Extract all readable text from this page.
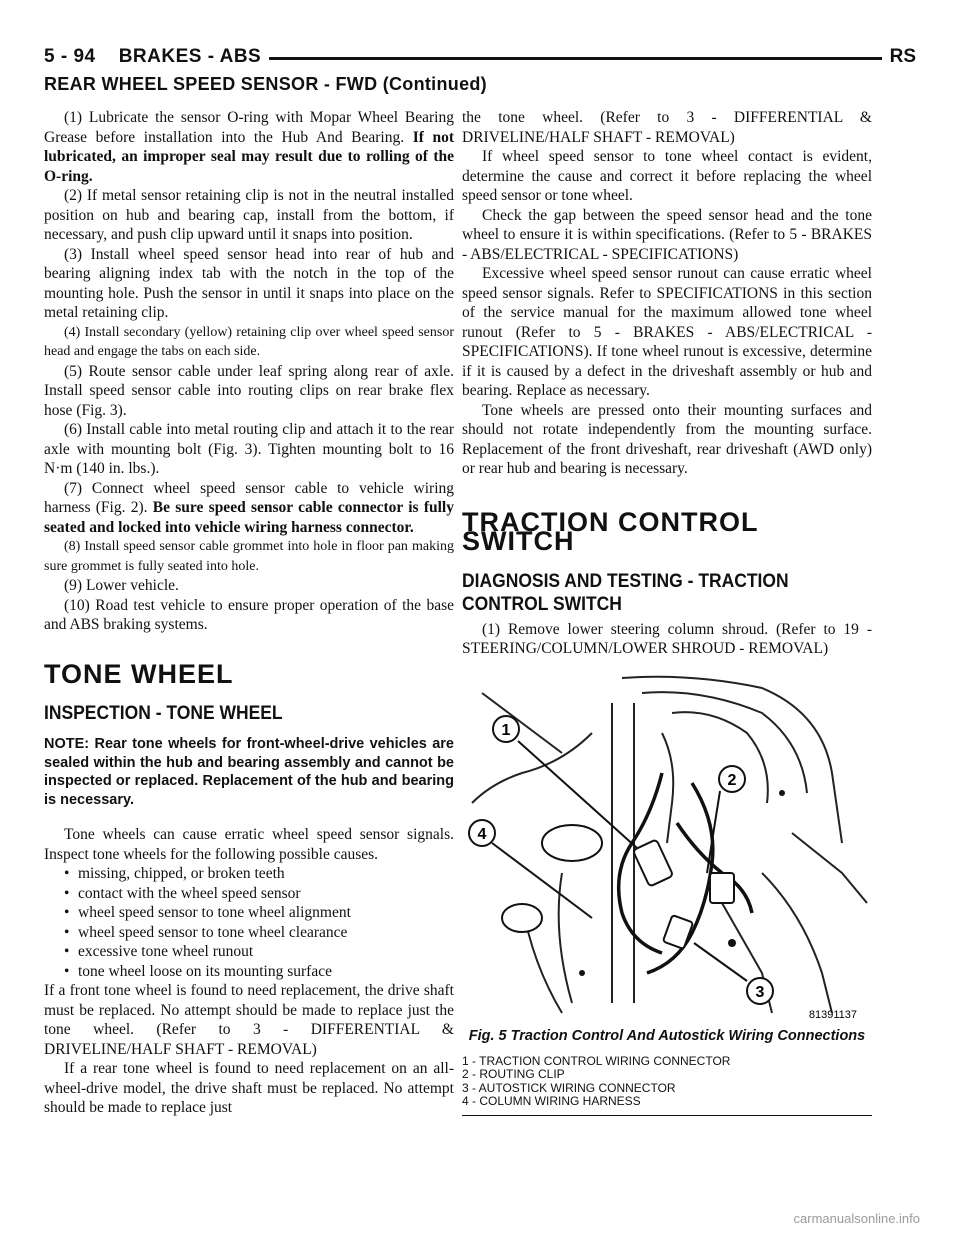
5 - 94    BRAKES - ABS	RS
REAR WHEEL SPEED SENSOR - FWD (Continued)

(1) Lubricate the sensor O-ring with Mopar Wheel Bearing Grease before installation into the Hub And Bearing. If not lubricated, an improper seal may result due to rolling of the O-ring.

(2) If metal sensor retaining clip is not in the neutral installed position on hub and bearing cap, install from the bottom, if necessary, and push clip upward until it snaps into position.

(3) Install wheel speed sensor head into rear of hub and bearing aligning index tab with the notch in the top of the mounting hole. Push the sensor in until it snaps into place on the metal retaining clip.

(4) Install secondary (yellow) retaining clip over wheel speed sensor head and engage the tabs on each side.

(5) Route sensor cable under leaf spring along rear of axle. Install speed sensor cable into routing clips on rear brake flex hose (Fig. 3).

(6) Install cable into metal routing clip and attach it to the rear axle with mounting bolt (Fig. 3). Tighten mounting bolt to 16 N·m (140 in. lbs.).

(7) Connect wheel speed sensor cable to vehicle wiring harness (Fig. 2). Be sure speed sensor cable connector is fully seated and locked into vehicle wiring harness connector.

(8) Install speed sensor cable grommet into hole in floor pan making sure grommet is fully seated into hole.

(9) Lower vehicle.

(10) Road test vehicle to ensure proper operation of the base and ABS braking systems.

TONE WHEEL
INSPECTION - TONE WHEEL
NOTE: Rear tone wheels for front-wheel-drive vehicles are sealed within the hub and bearing assembly and cannot be inspected or replaced. Replacement of the hub and bearing is necessary.

Tone wheels can cause erratic wheel speed sensor signals. Inspect tone wheels for the following possible causes.

• missing, chipped, or broken teeth
• contact with the wheel speed sensor
• wheel speed sensor to tone wheel alignment
• wheel speed sensor to tone wheel clearance
• excessive tone wheel runout
• tone wheel loose on its mounting surface

If a front tone wheel is found to need replacement, the drive shaft must be replaced. No attempt should be made to replace just the tone wheel. (Refer to 3 - DIFFERENTIAL & DRIVELINE/HALF SHAFT - REMOVAL)

If a rear tone wheel is found to need replacement on an all-wheel-drive model, the drive shaft must be replaced. No attempt should be made to replace just

the tone wheel. (Refer to 3 - DIFFERENTIAL & DRIVELINE/HALF SHAFT - REMOVAL)

If wheel speed sensor to tone wheel contact is evident, determine the cause and correct it before replacing the wheel speed sensor or tone wheel.

Check the gap between the speed sensor head and the tone wheel to ensure it is within specifications. (Refer to 5 - BRAKES - ABS/ELECTRICAL - SPECIFICATIONS)

Excessive wheel speed sensor runout can cause erratic wheel speed sensor signals. Refer to SPECIFICATIONS in this section of the service manual for the maximum allowed tone wheel runout (Refer to 5 - BRAKES - ABS/ELECTRICAL - SPECIFICATIONS). If tone wheel runout is excessive, determine if it is caused by a defect in the driveshaft assembly or hub and bearing. Replace as necessary.

Tone wheels are pressed onto their mounting surfaces and should not rotate independently from the mounting surface. Replacement of the front driveshaft, rear driveshaft (AWD only) or rear hub and bearing is necessary.

TRACTION CONTROL SWITCH
DIAGNOSIS AND TESTING - TRACTION CONTROL SWITCH

(1) Remove lower steering column shroud. (Refer to 19 - STEERING/COLUMN/LOWER SHROUD - REMOVAL)

1
2
3
4
81391137
Fig. 5 Traction Control And Autostick Wiring Connections
1 - TRACTION CONTROL WIRING CONNECTOR
2 - ROUTING CLIP
3 - AUTOSTICK WIRING CONNECTOR
4 - COLUMN WIRING HARNESS
carmanualsonline.info
